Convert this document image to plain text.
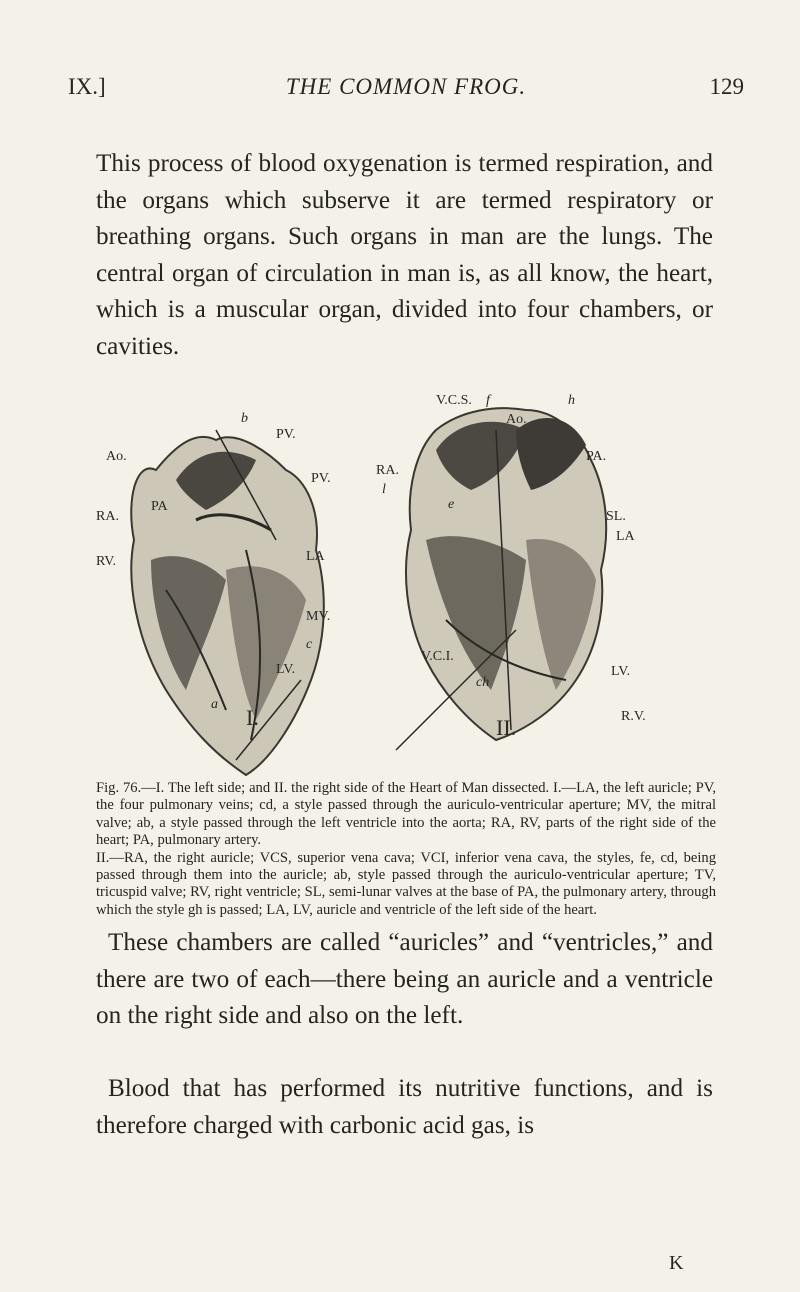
IX.]	THE COMMON FROG.	129

This process of blood oxygenation is termed respiration, and the organs which subserve it are termed respiratory or breathing organs. Such organs in man are the lungs. The central organ of circulation in man is, as all know, the heart, which is a muscular organ, divided into four chambers, or cavities.

Ao.
b
PV.
PV.
RA.
PA
RV.	LA
MV.
c
LV.
a
I.
V.C.S. f
Ao.
h
PA.
RA.
l
e
SL.
LA
V.C.I.
ch
LV.
R.V.
II.

Fig. 76.—I. The left side; and II. the right side of the Heart of Man dissected. I.—LA, the left auricle; PV, the four pulmonary veins; cd, a style passed through the auriculo-ventricular aperture; MV, the mitral valve; ab, a style passed through the left ventricle into the aorta; RA, RV, parts of the right side of the heart; PA, pulmonary artery.

II.—RA, the right auricle; VCS, superior vena cava; VCI, inferior vena cava, the styles, fe, cd, being passed through them into the auricle; ab, style passed through the auriculo-ventricular aperture; TV, tricuspid valve; RV, right ventricle; SL, semi-lunar valves at the base of PA, the pulmonary artery, through which the style gh is passed; LA, LV, auricle and ventricle of the left side of the heart.

These chambers are called “auricles” and “ventricles,” and there are two of each—there being an auricle and a ventricle on the right side and also on the left.

Blood that has performed its nutritive functions, and is therefore charged with carbonic acid gas, is

K
